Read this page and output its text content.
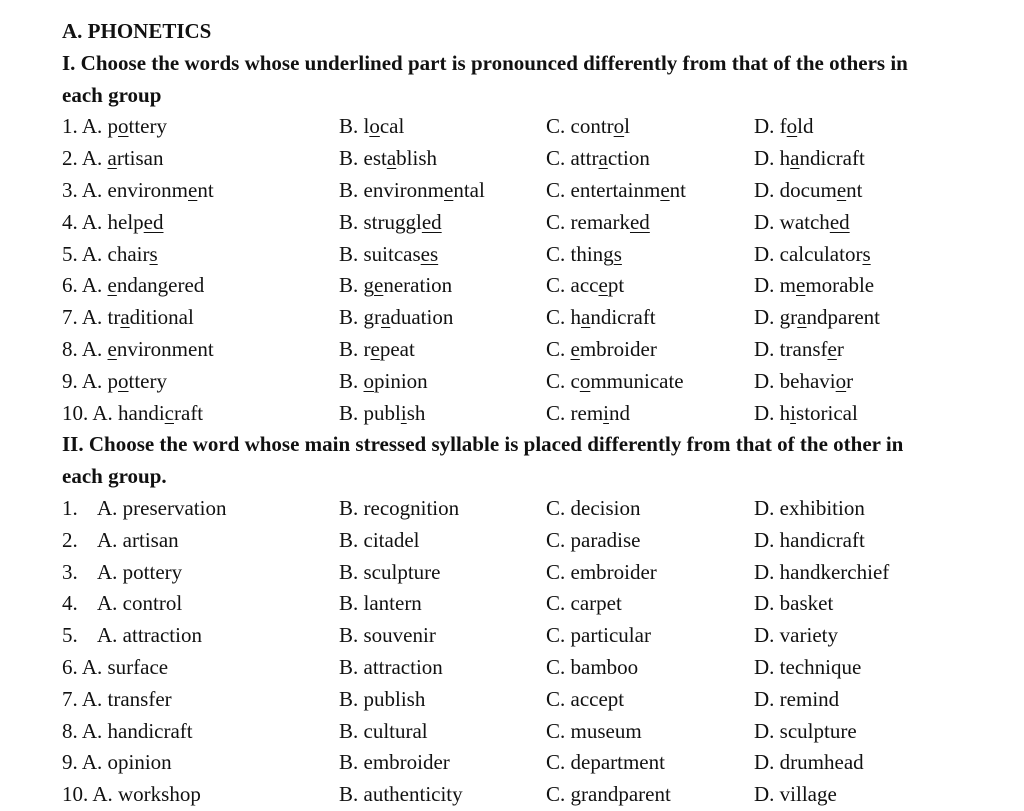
A. PHONETICS
I. Choose the words whose underlined part is pronounced differently from that of the others in
each group
1. A. pottery	B. local	C. control	D. fold
2. A. artisan	B. establish	C. attraction	D. handicraft
3. A. environment	B. environmental	C. entertainment	D. document
4. A. helped	B. struggled	C. remarked	D. watched
5. A. chairs	B. suitcases	C. things	D. calculators
6. A. endangered	B. generation	C. accept	D. memorable
7. A. traditional	B. graduation	C. handicraft	D. grandparent
8. A. environment	B. repeat	C. embroider	D. transfer
9. A. pottery	B. opinion	C. communicate	D. behavior
10. A. handicraft	B. publish	C. remind	D. historical
II. Choose the word whose main stressed syllable is placed differently from that of the other in
each group.
1. A. preservation	B. recognition	C. decision	D. exhibition
2. A. artisan	B. citadel	C. paradise	D. handicraft
3. A. pottery	B. sculpture	C. embroider	D. handkerchief
4. A. control	B. lantern	C. carpet	D. basket
5. A. attraction	B. souvenir	C. particular	D. variety
6. A. surface	B. attraction	C. bamboo	D. technique
7. A. transfer	B. publish	C. accept	D. remind
8. A. handicraft	B. cultural	C. museum	D. sculpture
9. A. opinion	B. embroider	C. department	D. drumhead
10. A. workshop	B. authenticity	C. grandparent	D. village
